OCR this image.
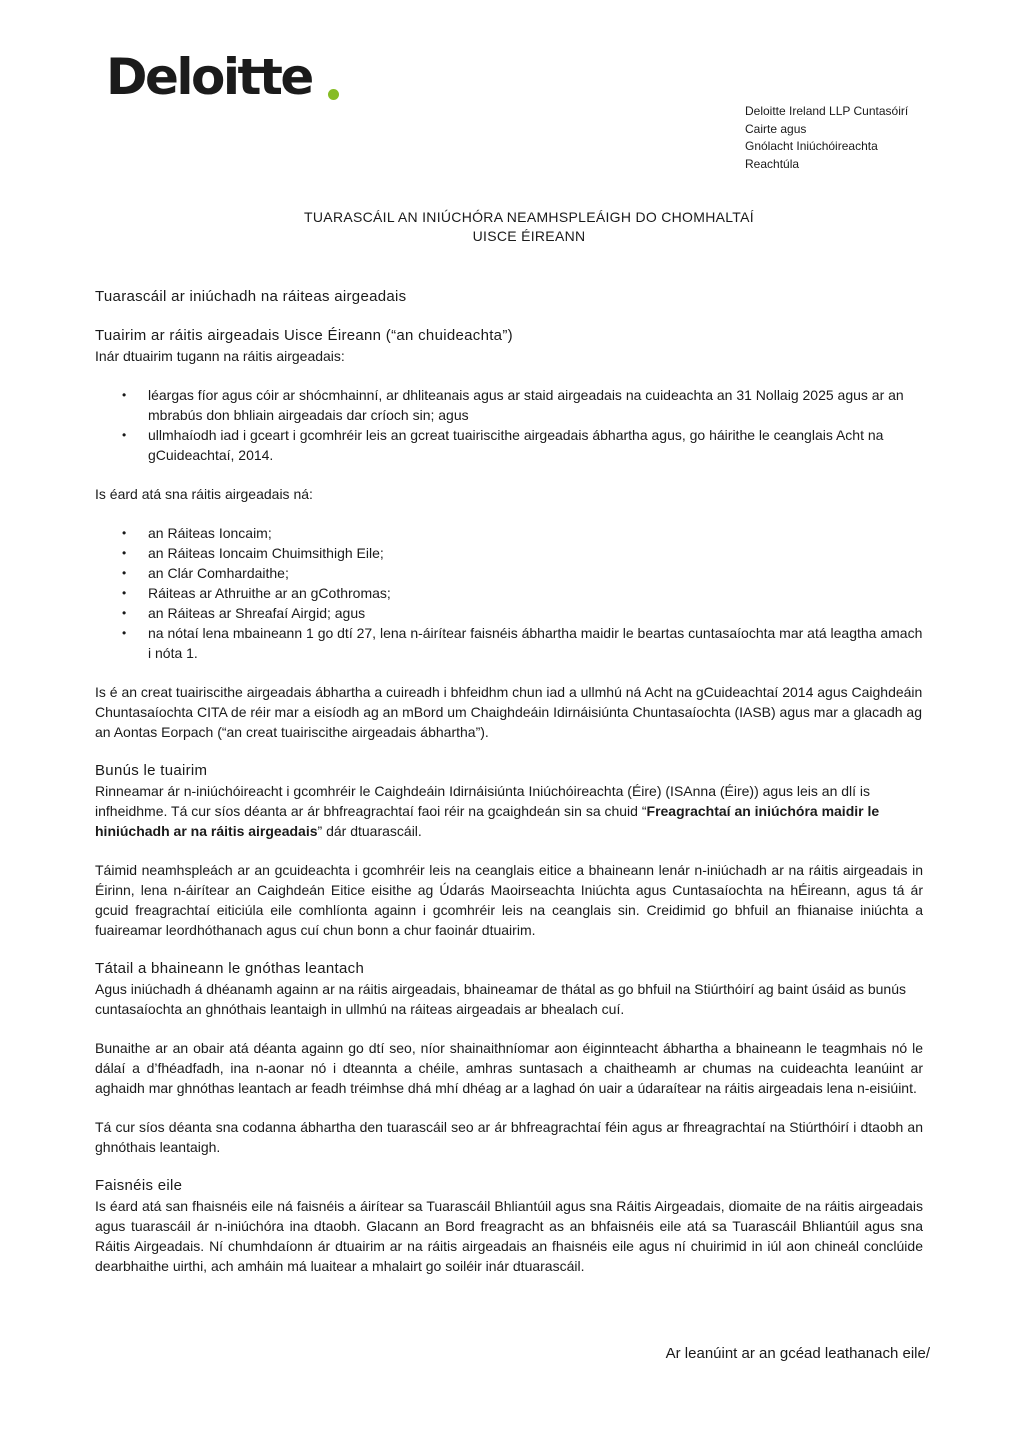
Deloitte
Deloitte Ireland LLP Cuntasóirí
Cairte agus
Gnólacht Iniúchóireachta
Reachtúla
TUARASCÁIL AN INIÚCHÓRA NEAMHSPLEÁIGH DO CHOMHALTAÍ
UISCE ÉIREANN

Tuarascáil ar iniúchadh na ráiteas airgeadais

Tuairim ar ráitis airgeadais Uisce Éireann (“an chuideachta”)

Inár dtuairim tugann na ráitis airgeadais:

• léargas fíor agus cóir ar shócmhainní, ar dhliteanais agus ar staid airgeadais na cuideachta an 31 Nollaig 2025 agus ar an mbrabús don bhliain airgeadais dar críoch sin; agus
• ullmhaíodh iad i gceart i gcomhréir leis an gcreat tuairiscithe airgeadais ábhartha agus, go háirithe le ceanglais Acht na gCuideachtaí, 2014.

Is éard atá sna ráitis airgeadais ná:

• an Ráiteas Ioncaim;
• an Ráiteas Ioncaim Chuimsithigh Eile;
• an Clár Comhardaithe;
• Ráiteas ar Athruithe ar an gCothromas;
• an Ráiteas ar Shreafaí Airgid; agus
• na nótaí lena mbaineann 1 go dtí 27, lena n-áirítear faisnéis ábhartha maidir le beartas cuntasaíochta mar atá leagtha amach i nóta 1.

Is é an creat tuairiscithe airgeadais ábhartha a cuireadh i bhfeidhm chun iad a ullmhú ná Acht na gCuideachtaí 2014 agus Caighdeáin Chuntasaíochta CITA de réir mar a eisíodh ag an mBord um Chaighdeáin Idirnáisiúnta Chuntasaíochta (IASB) agus mar a glacadh ag an Aontas Eorpach (“an creat tuairiscithe airgeadais ábhartha”).

Bunús le tuairim

Rinneamar ár n-iniúchóireacht i gcomhréir le Caighdeáin Idirnáisiúnta Iniúchóireachta (Éire) (ISAnna (Éire)) agus leis an dlí is infheidhme. Tá cur síos déanta ar ár bhfreagrachtaí faoi réir na gcaighdeán sin sa chuid “Freagrachtaí an iniúchóra maidir le hiniúchadh ar na ráitis airgeadais” dár dtuarascáil.

Táimid neamhspleách ar an gcuideachta i gcomhréir leis na ceanglais eitice a bhaineann lenár n-iniúchadh ar na ráitis airgeadais in Éirinn, lena n-áirítear an Caighdeán Eitice eisithe ag Údarás Maoirseachta Iniúchta agus Cuntasaíochta na hÉireann, agus tá ár gcuid freagrachtaí eiticiúla eile comhlíonta againn i gcomhréir leis na ceanglais sin. Creidimid go bhfuil an fhianaise iniúchta a fuaireamar leordhóthanach agus cuí chun bonn a chur faoinár dtuairim.

Tátail a bhaineann le gnóthas leantach

Agus iniúchadh á dhéanamh againn ar na ráitis airgeadais, bhaineamar de thátal as go bhfuil na Stiúrthóirí ag baint úsáid as bunús cuntasaíochta an ghnóthais leantaigh in ullmhú na ráiteas airgeadais ar bhealach cuí.

Bunaithe ar an obair atá déanta againn go dtí seo, níor shainaithníomar aon éiginnteacht ábhartha a bhaineann le teagmhais nó le dálaí a d’fhéadfadh, ina n-aonar nó i dteannta a chéile, amhras suntasach a chaitheamh ar chumas na cuideachta leanúint ar aghaidh mar ghnóthas leantach ar feadh tréimhse dhá mhí dhéag ar a laghad ón uair a údaraítear na ráitis airgeadais lena n-eisiúint.

Tá cur síos déanta sna codanna ábhartha den tuarascáil seo ar ár bhfreagrachtaí féin agus ar fhreagrachtaí na Stiúrthóirí i dtaobh an ghnóthais leantaigh.

Faisnéis eile

Is éard atá san fhaisnéis eile ná faisnéis a áirítear sa Tuarascáil Bhliantúil agus sna Ráitis Airgeadais, diomaite de na ráitis airgeadais agus tuarascáil ár n-iniúchóra ina dtaobh. Glacann an Bord freagracht as an bhfaisnéis eile atá sa Tuarascáil Bhliantúil agus sna Ráitis Airgeadais. Ní chumhdaíonn ár dtuairim ar na ráitis airgeadais an fhaisnéis eile agus ní chuirimid in iúl aon chineál conclúide dearbhaithe uirthi, ach amháin má luaitear a mhalairt go soiléir inár dtuarascáil.

Ar leanúint ar an gcéad leathanach eile/
